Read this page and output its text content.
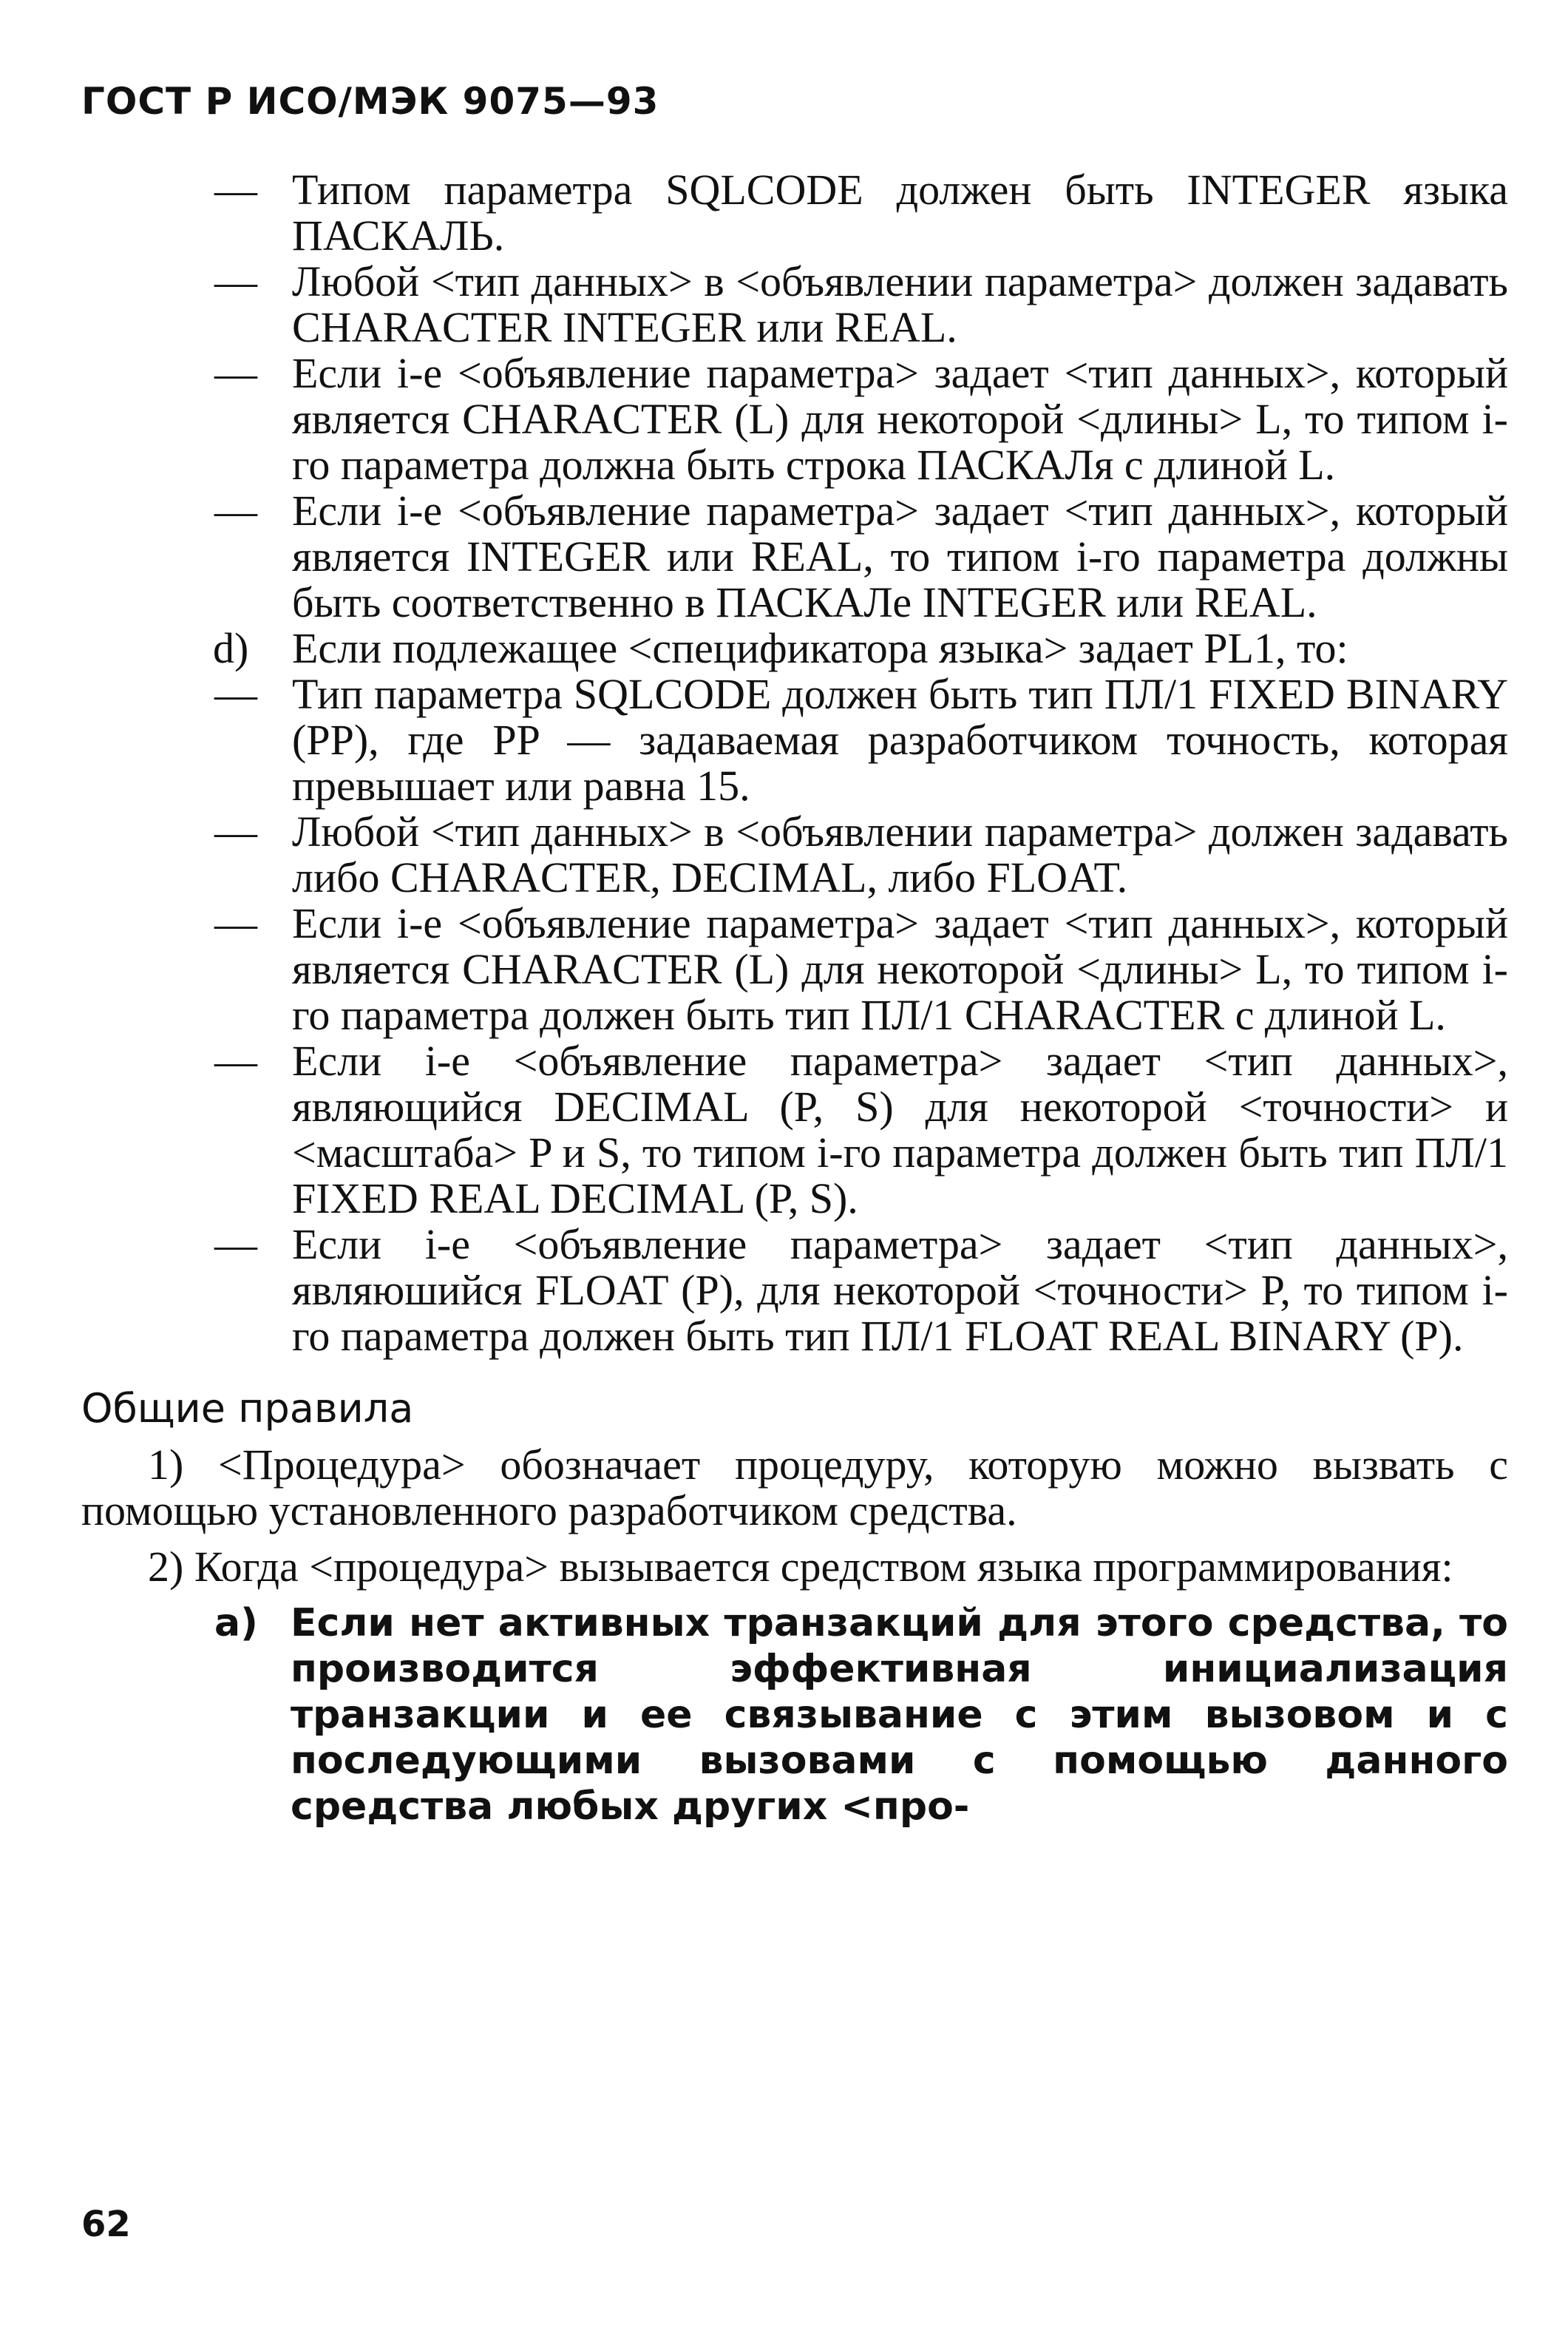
ГОСТ Р ИСО/МЭК 9075—93

— Типом параметра SQLCODE должен быть INTEGER языка ПАСКАЛЬ.

— Любой <тип данных> в <объявлении параметра> должен задавать CHARACTER INTEGER или REAL.

— Если i-е <объявление параметра> задает <тип данных>, который является CHARACTER (L) для некоторой <длины> L, то типом i-го параметра должна быть строка ПАСКАЛя с длиной L.

— Если i-е <объявление параметра> задает <тип данных>, который является INTEGER или REAL, то типом i-го параметра должны быть соответственно в ПАСКАЛе INTEGER или REAL.

d) Если подлежащее <спецификатора языка> задает PL1, то:

— Тип параметра SQLCODE должен быть тип ПЛ/1 FIXED BINARY (PP), где PP — задаваемая разработчиком точность, которая превышает или равна 15.

— Любой <тип данных> в <объявлении параметра> должен задавать либо CHARACTER, DECIMAL, либо FLOAT.

— Если i-е <объявление параметра> задает <тип данных>, который является CHARACTER (L) для некоторой <длины> L, то типом i-го параметра должен быть тип ПЛ/1 CHARACTER с длиной L.

— Если i-е <объявление параметра> задает <тип данных>, являющийся DECIMAL (P, S) для некоторой <точности> и <масштаба> P и S, то типом i-го параметра должен быть тип ПЛ/1 FIXED REAL DECIMAL (P, S).

— Если i-е <объявление параметра> задает <тип данных>, являюшийся FLOAT (P), для некоторой <точности> P, то типом i-го параметра должен быть тип ПЛ/1 FLOAT REAL BINARY (P).

Общие правила

1) <Процедура> обозначает процедуру, которую можно вызвать с помощью установленного разработчиком средства.

2) Когда <процедура> вызывается средством языка программирования:

a) Если нет активных транзакций для этого средства, то производится эффективная инициализация транзакции и ее связывание с этим вызовом и с последующими вызовами с помощью данного средства любых других <про-

62
